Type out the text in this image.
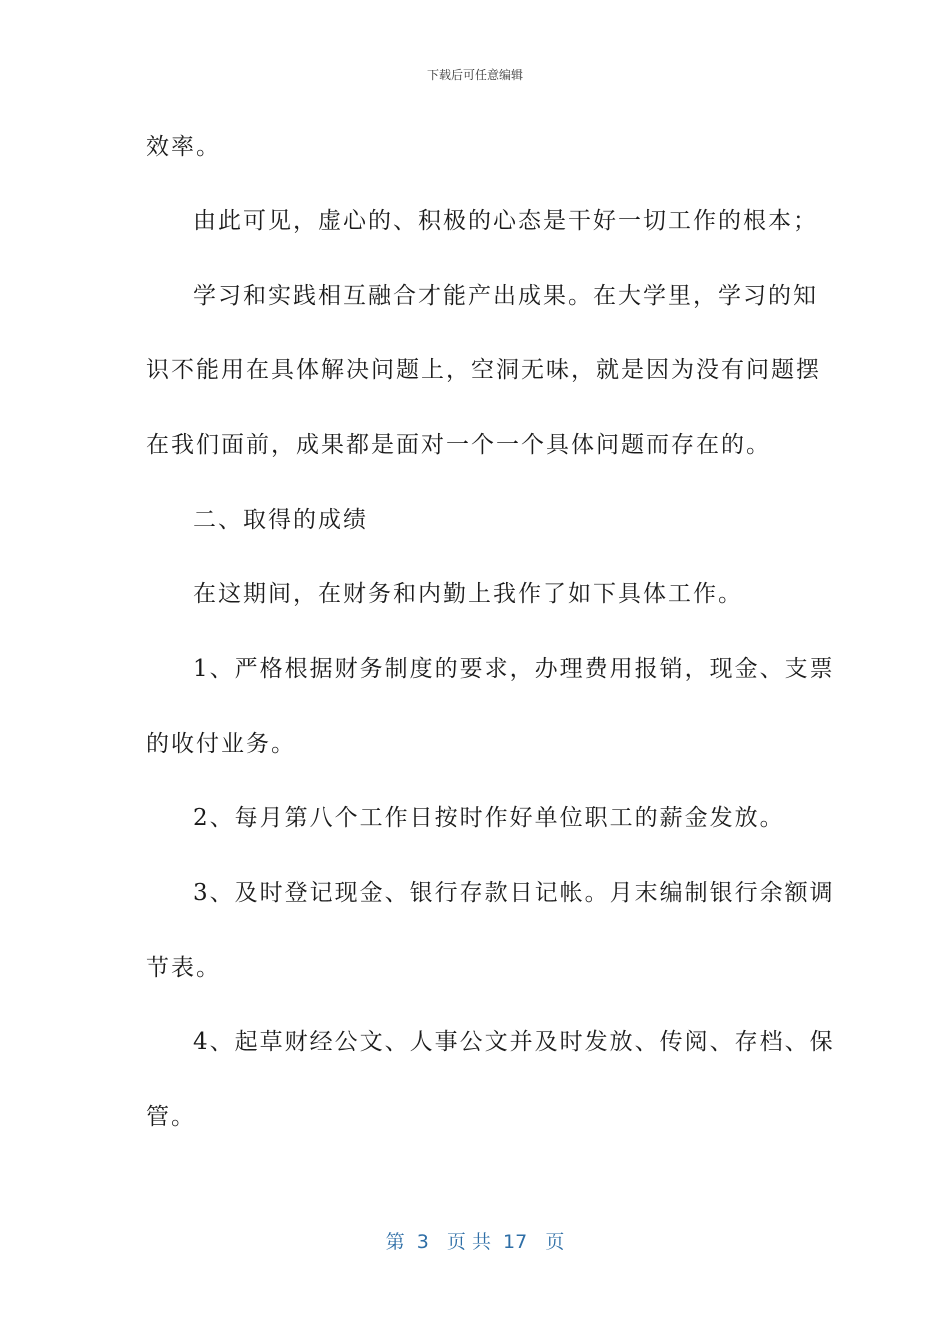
下载后可任意编辑
效率。
由此可见，虚心的、积极的心态是干好一切工作的根本；
学习和实践相互融合才能产出成果。在大学里，学习的知
识不能用在具体解决问题上，空洞无味，就是因为没有问题摆
在我们面前，成果都是面对一个一个具体问题而存在的。
二、取得的成绩
在这期间，在财务和内勤上我作了如下具体工作。
1、严格根据财务制度的要求，办理费用报销，现金、支票
的收付业务。
2、每月第八个工作日按时作好单位职工的薪金发放。
3、及时登记现金、银行存款日记帐。月末编制银行余额调
节表。
4、起草财经公文、人事公文并及时发放、传阅、存档、保
管。
第  3   页 共  17   页
